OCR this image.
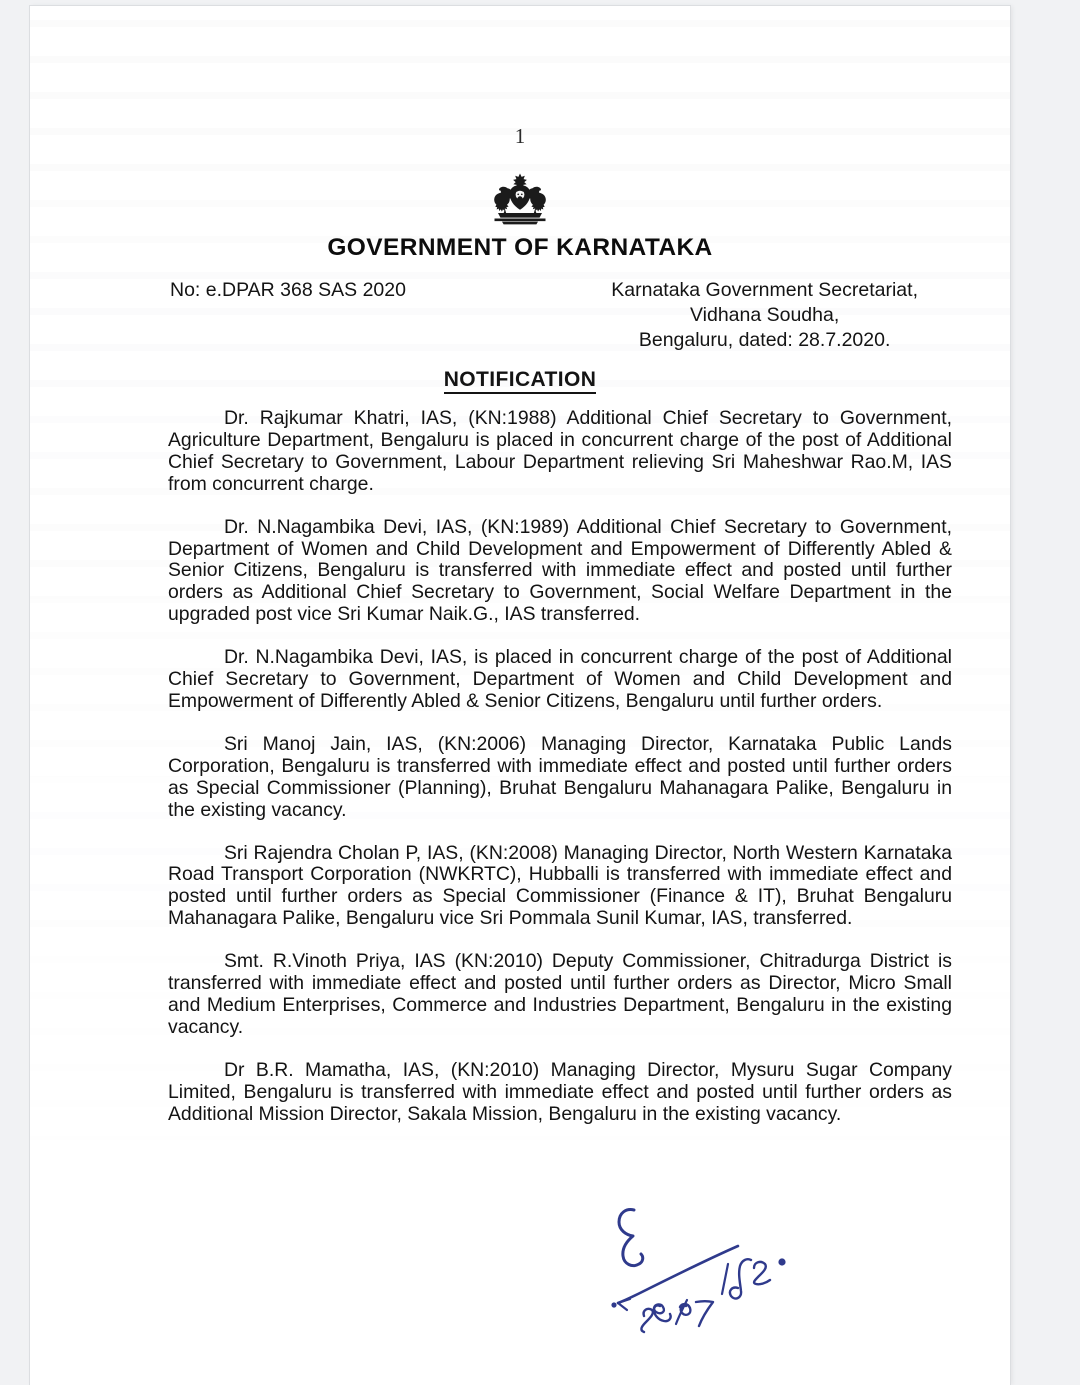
1
GOVERNMENT OF KARNATAKA
No: e.DPAR 368 SAS 2020	Karnataka Government Secretariat,
Vidhana Soudha,
Bengaluru, dated: 28.7.2020.
NOTIFICATION

Dr. Rajkumar Khatri, IAS, (KN:1988) Additional Chief Secretary to Government, Agriculture Department, Bengaluru is placed in concurrent charge of the post of Additional Chief Secretary to Government, Labour Department relieving Sri Maheshwar Rao.M, IAS from concurrent charge.

Dr. N.Nagambika Devi, IAS, (KN:1989) Additional Chief Secretary to Government, Department of Women and Child Development and Empowerment of Differently Abled & Senior Citizens, Bengaluru is transferred with immediate effect and posted until further orders as Additional Chief Secretary to Government, Social Welfare Department in the upgraded post vice Sri Kumar Naik.G., IAS transferred.

Dr. N.Nagambika Devi, IAS, is placed in concurrent charge of the post of Additional Chief Secretary to Government, Department of Women and Child Development and Empowerment of Differently Abled & Senior Citizens, Bengaluru until further orders.

Sri Manoj Jain, IAS, (KN:2006) Managing Director, Karnataka Public Lands Corporation, Bengaluru is transferred with immediate effect and posted until further orders as Special Commissioner (Planning), Bruhat Bengaluru Mahanagara Palike, Bengaluru in the existing vacancy.

Sri Rajendra Cholan P, IAS, (KN:2008) Managing Director, North Western Karnataka Road Transport Corporation (NWKRTC), Hubballi is transferred with immediate effect and posted until further orders as Special Commissioner (Finance & IT), Bruhat Bengaluru Mahanagara Palike, Bengaluru vice Sri Pommala Sunil Kumar, IAS, transferred.

Smt. R.Vinoth Priya, IAS (KN:2010) Deputy Commissioner, Chitradurga District is transferred with immediate effect and posted until further orders as Director, Micro Small and Medium Enterprises, Commerce and Industries Department, Bengaluru in the existing vacancy.

Dr B.R. Mamatha, IAS, (KN:2010) Managing Director, Mysuru Sugar Company Limited, Bengaluru is transferred with immediate effect and posted until further orders as Additional Mission Director, Sakala Mission, Bengaluru in the existing vacancy.
